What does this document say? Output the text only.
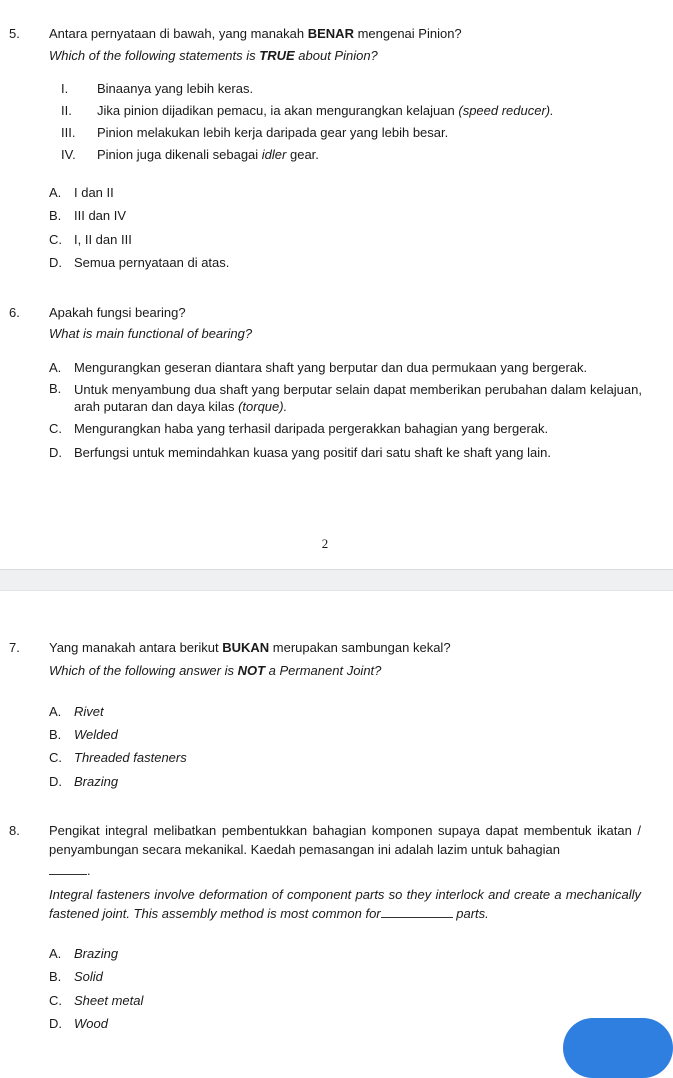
5. Antara pernyataan di bawah, yang manakah BENAR mengenai Pinion?
Which of the following statements is TRUE about Pinion?
I. Binaanya yang lebih keras.
II. Jika pinion dijadikan pemacu, ia akan mengurangkan kelajuan (speed reducer).
III. Pinion melakukan lebih kerja daripada gear yang lebih besar.
IV. Pinion juga dikenali sebagai idler gear.
A. I dan II
B. III dan IV
C. I, II dan III
D. Semua pernyataan di atas.
6. Apakah fungsi bearing?
What is main functional of bearing?
A. Mengurangkan geseran diantara shaft yang berputar dan dua permukaan yang bergerak.
B. Untuk menyambung dua shaft yang berputar selain dapat memberikan perubahan dalam kelajuan, arah putaran dan daya kilas (torque).
C. Mengurangkan haba yang terhasil daripada pergerakkan bahagian yang bergerak.
D. Berfungsi untuk memindahkan kuasa yang positif dari satu shaft ke shaft yang lain.
2
7. Yang manakah antara berikut BUKAN merupakan sambungan kekal?
Which of the following answer is NOT a Permanent Joint?
A. Rivet
B. Welded
C. Threaded fasteners
D. Brazing
8. Pengikat integral melibatkan pembentukkan bahagian komponen supaya dapat membentuk ikatan / penyambungan secara mekanikal. Kaedah pemasangan ini adalah lazim untuk bahagian
.
Integral fasteners involve deformation of component parts so they interlock and create a mechanically fastened joint. This assembly method is most common for	parts.
A. Brazing
B. Solid
C. Sheet metal
D. Wood
